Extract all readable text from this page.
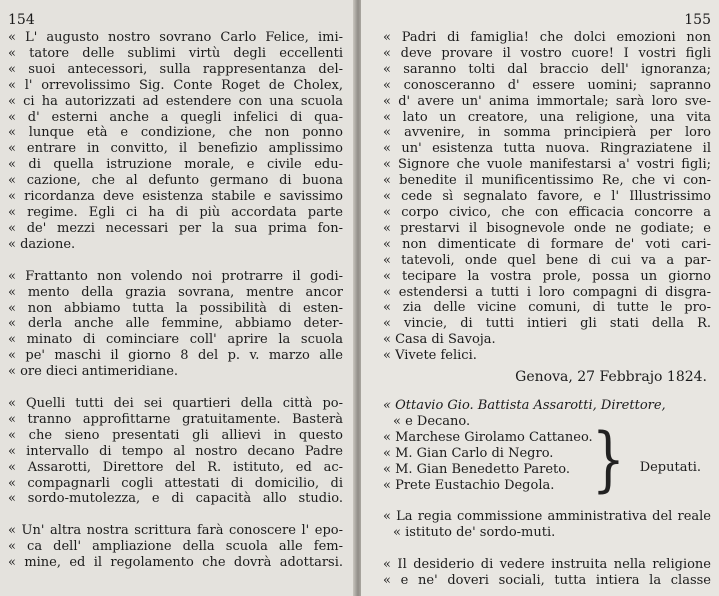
154
« L' augusto nostro sovrano Carlo Felice, imi-
« tatore delle sublimi virtù degli eccellenti
« suoi antecessori, sulla rappresentanza del-
« l' orrevolissimo Sig. Conte Roget de Cholex,
« ci ha autorizzati ad estendere con una scuola
« d' esterni anche a quegli infelici di qua-
« lunque età e condizione, che non ponno
« entrare in convitto, il benefizio amplissimo
« di quella istruzione morale, e civile edu-
« cazione, che al defunto germano di buona
« ricordanza deve esistenza stabile e savissimo
« regime. Egli ci ha di più accordata parte
« de' mezzi necessari per la sua prima fon-
« dazione.
« Frattanto non volendo noi protrarre il godi-
« mento della grazia sovrana, mentre ancor
« non abbiamo tutta la possibilità di esten-
« derla anche alle femmine, abbiamo deter-
« minato di cominciare coll' aprire la scuola
« pe' maschi il giorno 8 del p. v. marzo alle
« ore dieci antimeridiane.
« Quelli tutti dei sei quartieri della città po-
« tranno approfittarne gratuitamente. Basterà
« che sieno presentati gli allievi in questo
« intervallo di tempo al nostro decano Padre
« Assarotti, Direttore del R. istituto, ed ac-
« compagnarli cogli attestati di domicilio, di
« sordo-mutolezza, e di capacità allo studio.
« Un' altra nostra scrittura farà conoscere l' epo-
« ca dell' ampliazione della scuola alle fem-
« mine, ed il regolamento che dovrà adottarsi.
155
« Padri di famiglia! che dolci emozioni non
« deve provare il vostro cuore! I vostri figli
« saranno tolti dal braccio dell' ignoranza;
« conosceranno d' essere uomini; sapranno
« d' avere un' anima immortale; sarà loro sve-
« lato un creatore, una religione, una vita
« avvenire, in somma principierà per loro
« un' esistenza tutta nuova. Ringraziatene il
« Signore che vuole manifestarsi a' vostri figli;
« benedite il munificentissimo Re, che vi con-
« cede sì segnalato favore, e l' Illustrissimo
« corpo civico, che con efficacia concorre a
« prestarvi il bisognevole onde ne godiate; e
« non dimenticate di formare de' voti cari-
« tatevoli, onde quel bene di cui va a par-
« tecipare la vostra prole, possa un giorno
« estendersi a tutti i loro compagni di disgra-
« zia delle vicine comuni, di tutte le pro-
« vincie, di tutti intieri gli stati della R.
« Casa di Savoja.
« Vivete felici.
Genova, 27 Febbrajo 1824.
« Ottavio Gio. Battista Assarotti, Direttore,
« e Decano.
« Marchese Girolamo Cattaneo.
« M. Gian Carlo di Negro.
« M. Gian Benedetto Pareto.
« Prete Eustachio Degola. } Deputati.
« La regia commissione amministrativa del reale
« istituto de' sordo-muti.
« Il desiderio di vedere instruita nella religione
« e ne' doveri sociali, tutta intiera la classe
